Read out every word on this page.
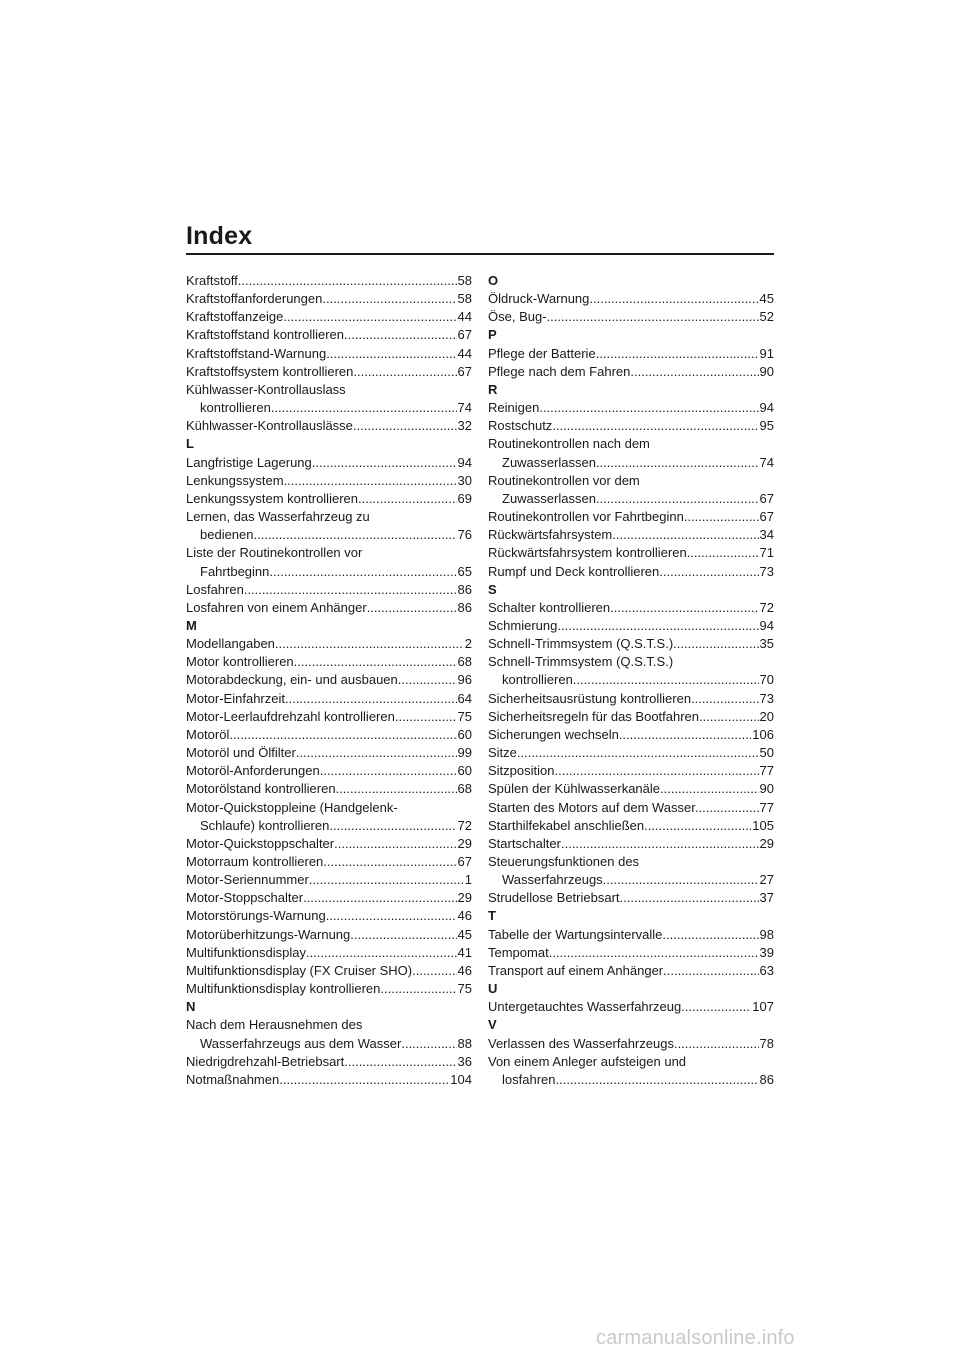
Index
Kraftstoff .....	58
Kraftstoffanforderungen .....	58
Kraftstoffanzeige .....	44
Kraftstoffstand kontrollieren .....	67
Kraftstoffstand-Warnung .....	44
Kraftstoffsystem kontrollieren .....	67
Kühlwasser-Kontrollauslass
kontrollieren .....	74
Kühlwasser-Kontrollauslässe .....	32
L
Langfristige Lagerung .....	94
Lenkungssystem .....	30
Lenkungssystem kontrollieren. .....	69
Lernen, das Wasserfahrzeug zu
bedienen .....	76
Liste der Routinekontrollen vor
Fahrtbeginn. .....	65
Losfahren .....	86
Losfahren von einem Anhänger .....	86
M
Modellangaben. .....	2
Motor kontrollieren .....	68
Motorabdeckung, ein- und ausbauen. .....	96
Motor-Einfahrzeit .....	64
Motor-Leerlaufdrehzahl kontrollieren .....	75
Motoröl .....	60
Motoröl und Ölfilter .....	99
Motoröl-Anforderungen .....	60
Motorölstand kontrollieren .....	68
Motor-Quickstoppleine (Handgelenk-
Schlaufe) kontrollieren .....	72
Motor-Quickstoppschalter .....	29
Motorraum kontrollieren .....	67
Motor-Seriennummer .....	1
Motor-Stoppschalter .....	29
Motorstörungs-Warnung .....	46
Motorüberhitzungs-Warnung. .....	45
Multifunktionsdisplay .....	41
Multifunktionsdisplay (FX Cruiser SHO) .....	46
Multifunktionsdisplay kontrollieren .....	75
N
Nach dem Herausnehmen des
Wasserfahrzeugs aus dem Wasser .....	88
Niedrigdrehzahl-Betriebsart .....	36
Notmaßnahmen .....	104
O
Öldruck-Warnung .....	45
Öse, Bug- .....	52
P
Pflege der Batterie .....	91
Pflege nach dem Fahren .....	90
R
Reinigen .....	94
Rostschutz .....	95
Routinekontrollen nach dem
Zuwasserlassen .....	74
Routinekontrollen vor dem
Zuwasserlassen .....	67
Routinekontrollen vor Fahrtbeginn .....	67
Rückwärtsfahrsystem .....	34
Rückwärtsfahrsystem kontrollieren .....	71
Rumpf und Deck kontrollieren .....	73
S
Schalter kontrollieren .....	72
Schmierung .....	94
Schnell-Trimmsystem (Q.S.T.S.). .....	35
Schnell-Trimmsystem (Q.S.T.S.)
kontrollieren .....	70
Sicherheitsausrüstung kontrollieren .....	73
Sicherheitsregeln für das Bootfahren .....	20
Sicherungen wechseln .....	106
Sitze .....	50
Sitzposition .....	77
Spülen der Kühlwasserkanäle. .....	90
Starten des Motors auf dem Wasser. .....	77
Starthilfekabel anschließen .....	105
Startschalter .....	29
Steuerungsfunktionen des
Wasserfahrzeugs .....	27
Strudellose Betriebsart .....	37
T
Tabelle der Wartungsintervalle .....	98
Tempomat .....	39
Transport auf einem Anhänger .....	63
U
Untergetauchtes Wasserfahrzeug. .....	107
V
Verlassen des Wasserfahrzeugs .....	78
Von einem Anleger aufsteigen und
losfahren .....	86
carmanualsonline.info
